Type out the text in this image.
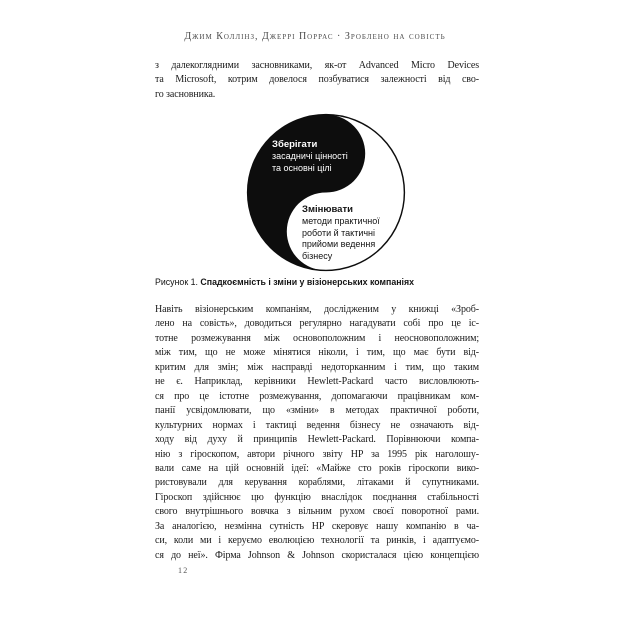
Джим Коллінз, Джеррі Поррас · Зроблено на совість
з далекоглядними засновниками, як-от Advanced Micro Devices
та Microsoft, котрим довелося позбуватися залежності від сво-
го засновника.
Зберігати
засадничі цінності
та основні цілі
Змінювати
методи практичної
роботи й тактичні
прийоми ведення
бізнесу
Рисунок 1. Спадкоємність і зміни у візіонерських компаніях
Навіть візіонерським компаніям, дослідженим у книжці «Зроб-
лено на совість», доводиться регулярно нагадувати собі про це іс-
тотне розмежування між основоположним і неосновоположним;
між тим, що не може мінятися ніколи, і тим, що має бути від-
критим для змін; між насправді недоторканним і тим, що таким
не є. Наприклад, керівники Hewlett-Packard часто висловлюють-
ся про це істотне розмежування, допомагаючи працівникам ком-
панії усвідомлювати, що «зміни» в методах практичної роботи,
культурних нормах і тактиці ведення бізнесу не означають від-
ходу від духу й принципів Hewlett-Packard. Порівнюючи компа-
нію з гіроскопом, автори річного звіту HP за 1995 рік наголошу-
вали саме на цій основній ідеї: «Майже сто років гіроскопи вико-
ристовували для керування кораблями, літаками й супутниками.
Гіроскоп здійснює цю функцію внаслідок поєднання стабільності
свого внутрішнього вовчка з вільним рухом своєї поворотної рами.
За аналогією, незмінна сутність HP скеровує нашу компанію в ча-
си, коли ми і керуємо еволюцією технології та ринків, і адаптуємо-
ся до неї». Фірма Johnson & Johnson скористалася цією концепцією
12
